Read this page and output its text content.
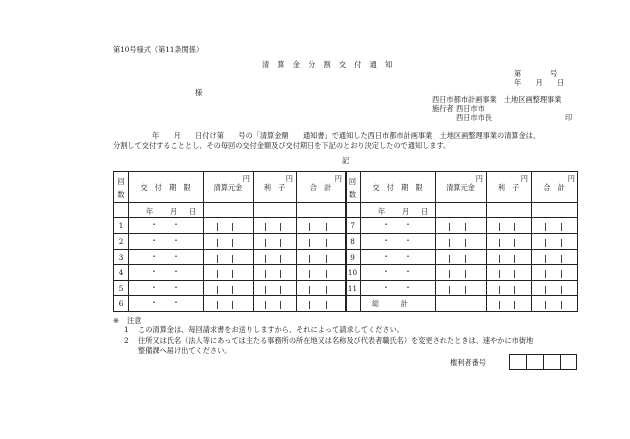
第10号様式（第11条関係）
清　算　金　分　割　交　付　通　知
第　　　　号
年　　月　　日
様
西日市都市計画事業　土地区画整理事業
施行者 西日市市
西日市市長	印
年　　月　　日付け第　　号の「清算金額　　通知書」で通知した西日市都市計画事業　土地区画整理事業の清算金は、
分割して交付することとし、その毎回の交付金額及び交付期日を下記のとおり決定したので通知します。
記
回
数
交　付　期　限
円
清算元金
円
利　子
円
合　計
回
数
交　付　期　限
円
清算元金
円
利　子
円
合　計
年 月 日	年 月 日
1
2
3
4
5
6
7
8
9
10
11
総　　　計
・ ・
・ ・
・ ・
・ ・
・ ・
・ ・
・ ・
・ ・
・ ・
・ ・
・ ・
※ 注意
1 この清算金は、毎回請求書をお送りしますから、それによって請求してください。
2 住所又は氏名（法人等にあっては主たる事務所の所在地又は名称及び代表者職氏名）を変更されたときは、速やかに市街地
整備課へ届け出てください。
権利者番号
